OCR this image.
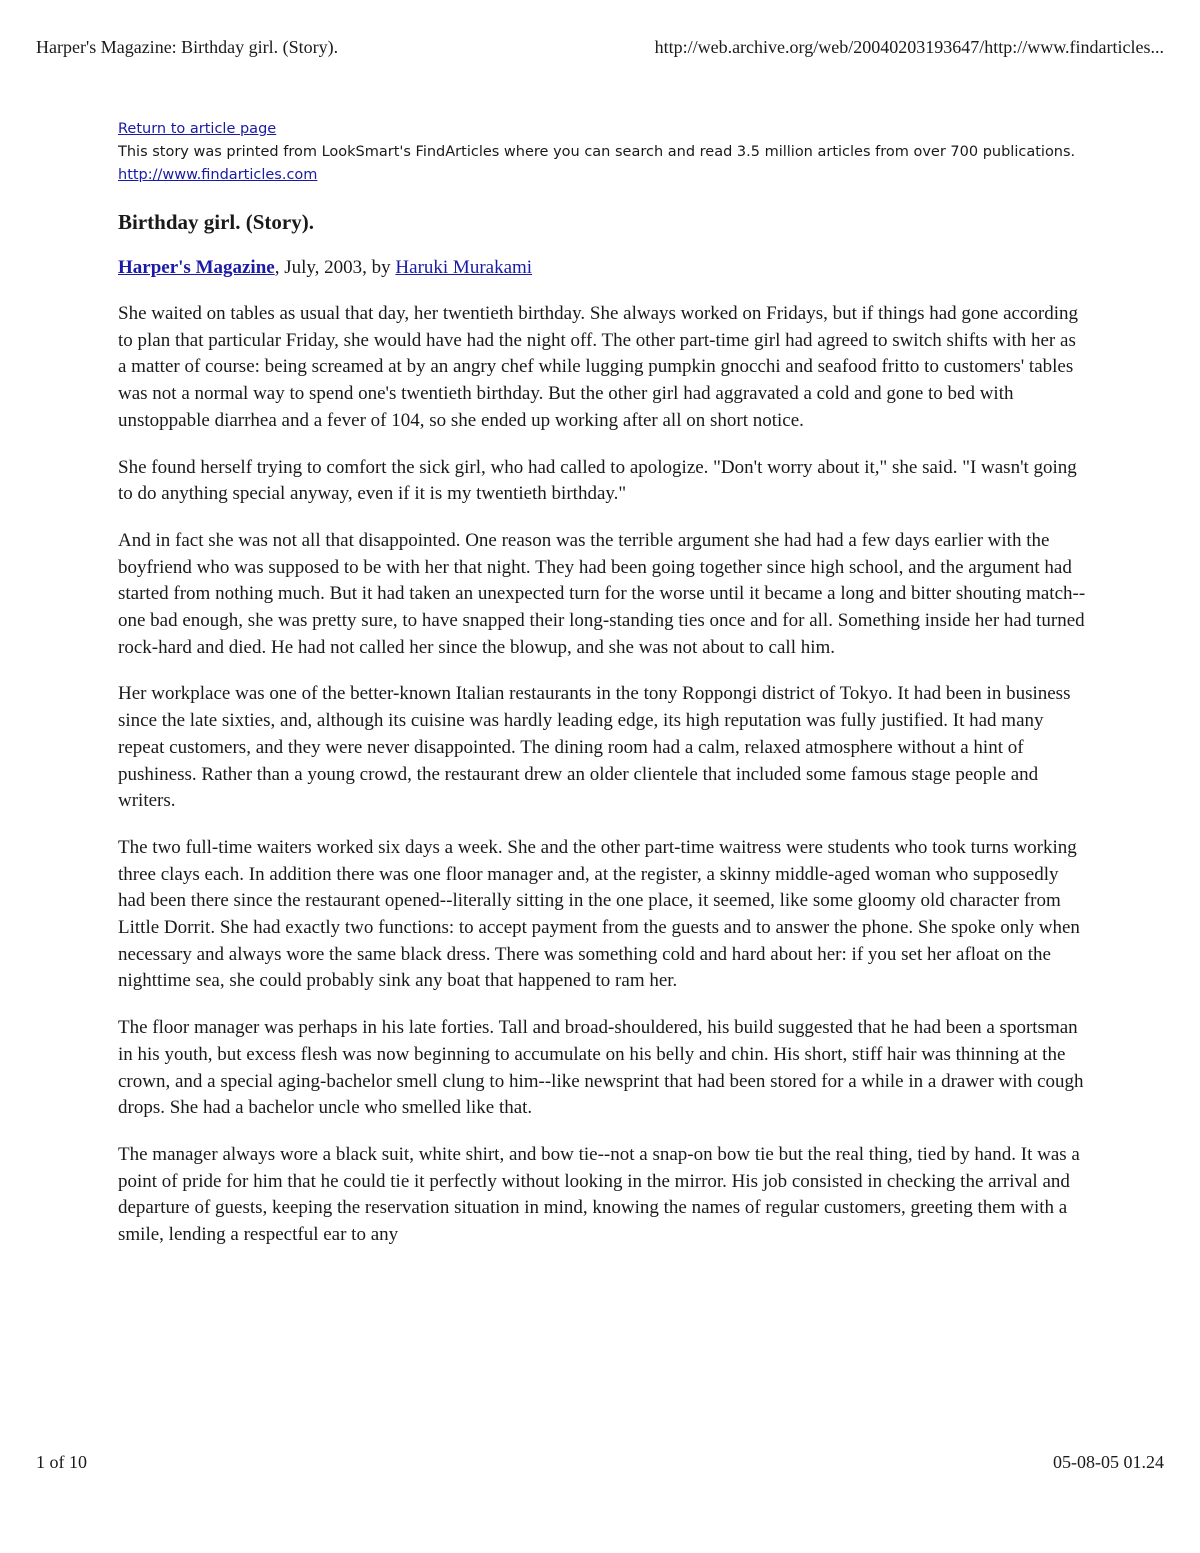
Harper's Magazine: Birthday girl. (Story).	http://web.archive.org/web/20040203193647/http://www.findarticles...
Return to article page
This story was printed from LookSmart's FindArticles where you can search and read 3.5 million articles from over 700 publications.
http://www.findarticles.com
Birthday girl. (Story).
Harper's Magazine, July, 2003, by Haruki Murakami

She waited on tables as usual that day, her twentieth birthday. She always worked on Fridays, but if things had gone according to plan that particular Friday, she would have had the night off. The other part-time girl had agreed to switch shifts with her as a matter of course: being screamed at by an angry chef while lugging pumpkin gnocchi and seafood fritto to customers' tables was not a normal way to spend one's twentieth birthday. But the other girl had aggravated a cold and gone to bed with unstoppable diarrhea and a fever of 104, so she ended up working after all on short notice.

She found herself trying to comfort the sick girl, who had called to apologize. "Don't worry about it," she said. "I wasn't going to do anything special anyway, even if it is my twentieth birthday."

And in fact she was not all that disappointed. One reason was the terrible argument she had had a few days earlier with the boyfriend who was supposed to be with her that night. They had been going together since high school, and the argument had started from nothing much. But it had taken an unexpected turn for the worse until it became a long and bitter shouting match--one bad enough, she was pretty sure, to have snapped their long-standing ties once and for all. Something inside her had turned rock-hard and died. He had not called her since the blowup, and she was not about to call him.

Her workplace was one of the better-known Italian restaurants in the tony Roppongi district of Tokyo. It had been in business since the late sixties, and, although its cuisine was hardly leading edge, its high reputation was fully justified. It had many repeat customers, and they were never disappointed. The dining room had a calm, relaxed atmosphere without a hint of pushiness. Rather than a young crowd, the restaurant drew an older clientele that included some famous stage people and writers.

The two full-time waiters worked six days a week. She and the other part-time waitress were students who took turns working three clays each. In addition there was one floor manager and, at the register, a skinny middle-aged woman who supposedly had been there since the restaurant opened--literally sitting in the one place, it seemed, like some gloomy old character from Little Dorrit. She had exactly two functions: to accept payment from the guests and to answer the phone. She spoke only when necessary and always wore the same black dress. There was something cold and hard about her: if you set her afloat on the nighttime sea, she could probably sink any boat that happened to ram her.

The floor manager was perhaps in his late forties. Tall and broad-shouldered, his build suggested that he had been a sportsman in his youth, but excess flesh was now beginning to accumulate on his belly and chin. His short, stiff hair was thinning at the crown, and a special aging-bachelor smell clung to him--like newsprint that had been stored for a while in a drawer with cough drops. She had a bachelor uncle who smelled like that.

The manager always wore a black suit, white shirt, and bow tie--not a snap-on bow tie but the real thing, tied by hand. It was a point of pride for him that he could tie it perfectly without looking in the mirror. His job consisted in checking the arrival and departure of guests, keeping the reservation situation in mind, knowing the names of regular customers, greeting them with a smile, lending a respectful ear to any

1 of 10	05-08-05 01.24
